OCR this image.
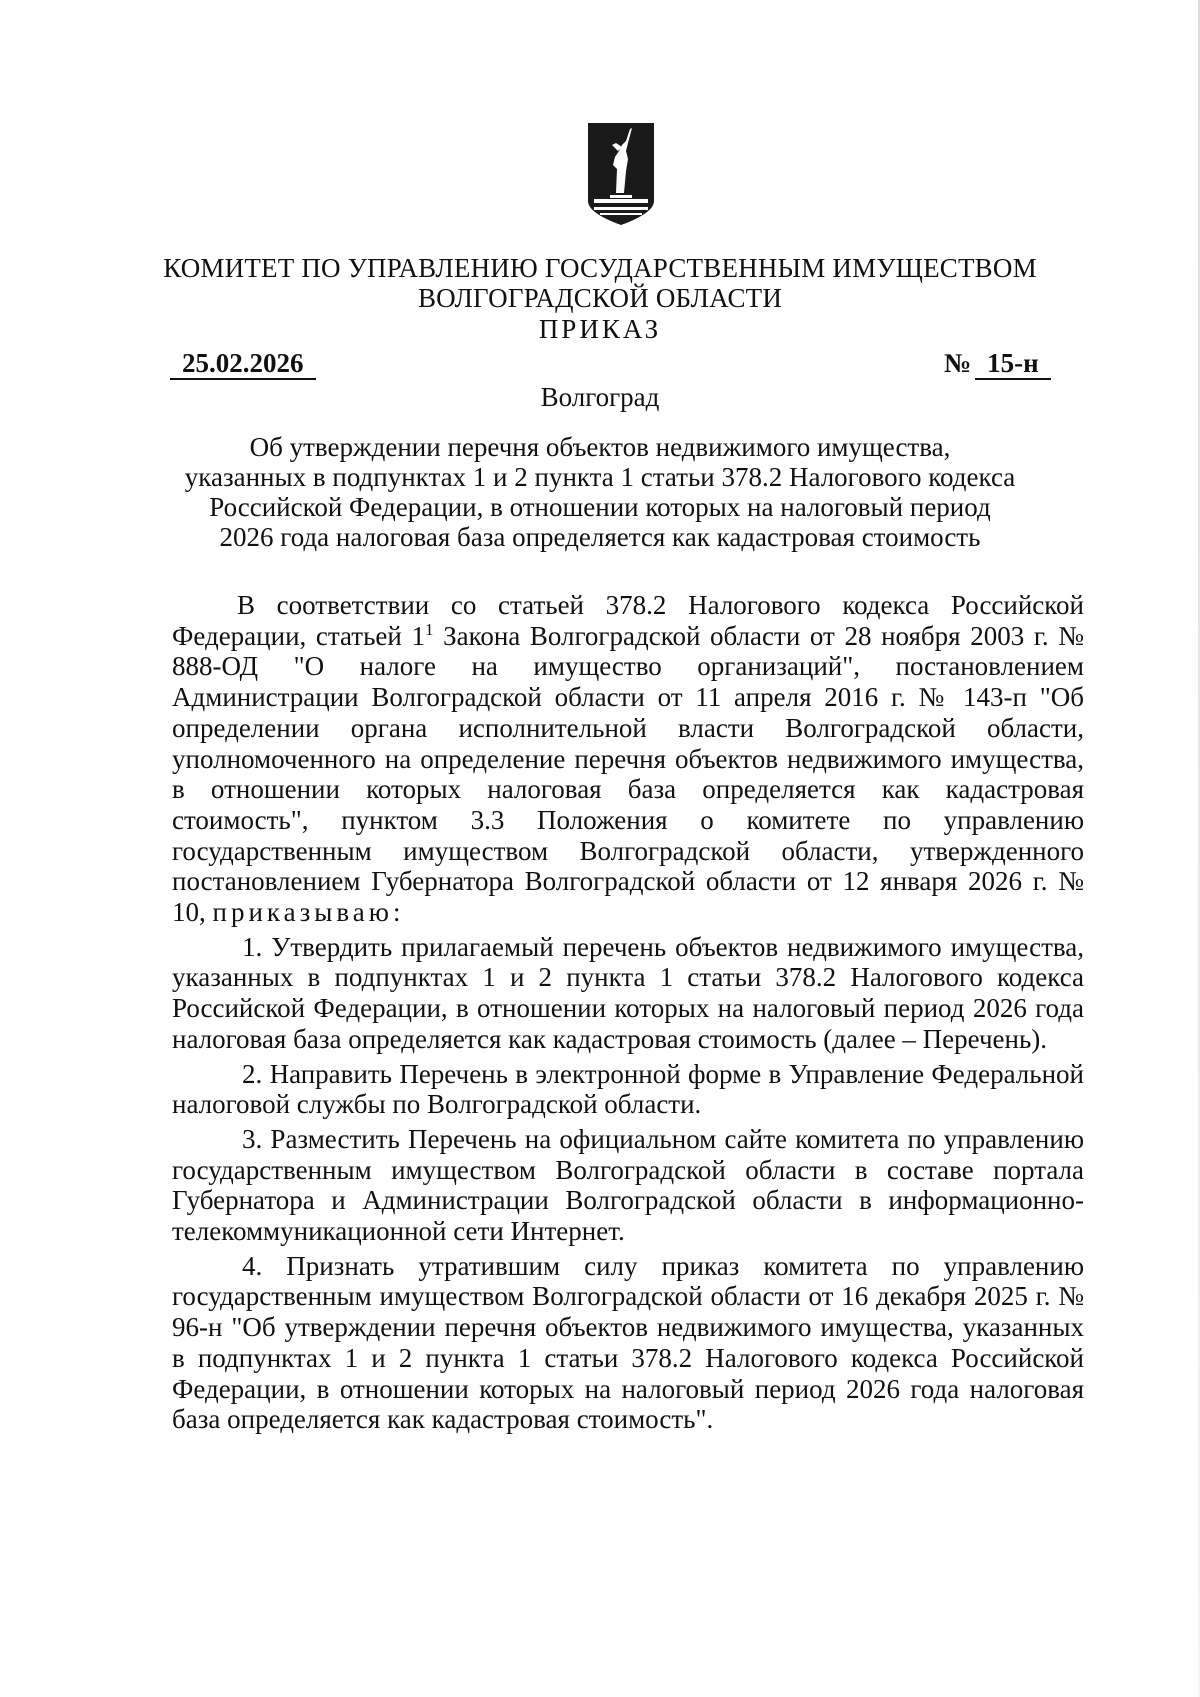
КОМИТЕТ ПО УПРАВЛЕНИЮ ГОСУДАРСТВЕННЫМ ИМУЩЕСТВОМ
ВОЛГОГРАДСКОЙ ОБЛАСТИ
ПРИКАЗ
25.02.2026	№ 15-н
Волгоград
Об утверждении перечня объектов недвижимого имущества,
указанных в подпунктах 1 и 2 пункта 1 статьи 378.2 Налогового кодекса
Российской Федерации, в отношении которых на налоговый период
2026 года налоговая база определяется как кадастровая стоимость

В соответствии со статьей 378.2 Налогового кодекса Российской Федерации, статьей $1^1$ Закона Волгоградской области от 28 ноября 2003 г. № 888-ОД "О налоге на имущество организаций", постановлением Администрации Волгоградской области от 11 апреля 2016 г. № 143-п "Об определении органа исполнительной власти Волгоградской области, уполномоченного на определение перечня объектов недвижимого имущества, в отношении которых налоговая база определяется как кадастровая стоимость", пунктом 3.3 Положения о комитете по управлению государственным имуществом Волгоградской области, утвержденного постановлением Губернатора Волгоградской области от 12 января 2026 г. № 10, приказываю:

1. Утвердить прилагаемый перечень объектов недвижимого имущества, указанных в подпунктах 1 и 2 пункта 1 статьи 378.2 Налогового кодекса Российской Федерации, в отношении которых на налоговый период 2026 года налоговая база определяется как кадастровая стоимость (далее – Перечень).

2. Направить Перечень в электронной форме в Управление Федеральной налоговой службы по Волгоградской области.

3. Разместить Перечень на официальном сайте комитета по управлению государственным имуществом Волгоградской области в составе портала Губернатора и Администрации Волгоградской области в информационно-телекоммуникационной сети Интернет.

4. Признать утратившим силу приказ комитета по управлению государственным имуществом Волгоградской области от 16 декабря 2025 г. № 96-н "Об утверждении перечня объектов недвижимого имущества, указанных в подпунктах 1 и 2 пункта 1 статьи 378.2 Налогового кодекса Российской Федерации, в отношении которых на налоговый период 2026 года налоговая база определяется как кадастровая стоимость".
